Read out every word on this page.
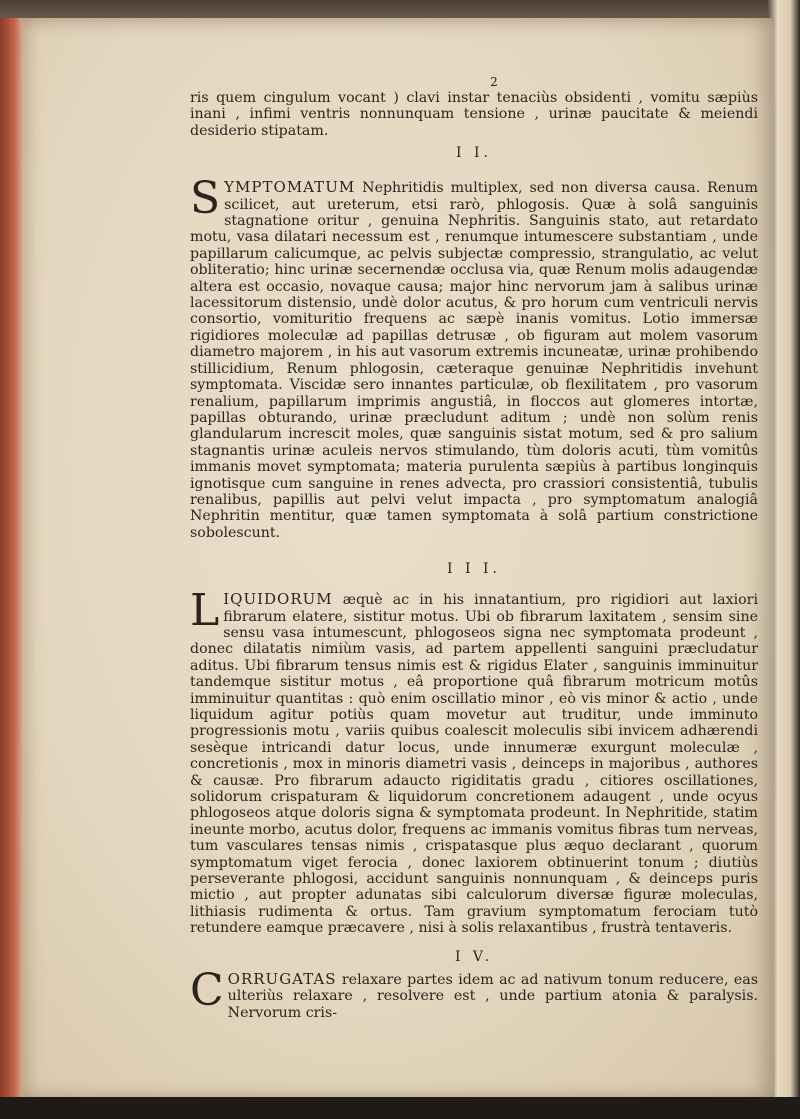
2

ris quem cingulum vocant ) clavi instar tenaciùs obsidenti , vomitu sæpiùs inani , infimi ventris nonnunquam tensione , urinæ paucitate & meiendi desiderio stipatam.

I I.

SYMPTOMATUM Nephritidis multiplex, sed non diversa causa. Renum scilicet, aut ureterum, etsi rarò, phlogosis. Quæ à solâ sanguinis stagnatione oritur , genuina Nephritis. Sanguinis stato, aut retardato motu, vasa dilatari necessum est , renumque intumescere substantiam , unde papillarum calicumque, ac pelvis subjectæ compressio, strangulatio, ac velut obliteratio; hinc urinæ secernendæ occlusa via, quæ Renum molis adaugendæ altera est occasio, novaque causa; major hinc nervorum jam à salibus urinæ lacessitorum distensio, undè dolor acutus, & pro horum cum ventriculi nervis consortio, vomituritio frequens ac sæpè inanis vomitus. Lotio immersæ rigidiores moleculæ ad papillas detrusæ , ob figuram aut molem vasorum diametro majorem , in his aut vasorum extremis incuneatæ, urinæ prohibendo stillicidium, Renum phlogosin, cæteraque genuinæ Nephritidis invehunt symptomata. Viscidæ sero innantes particulæ, ob flexilitatem , pro vasorum renalium, papillarum imprimis angustiâ, in floccos aut glomeres intortæ, papillas obturando, urinæ præcludunt aditum ; undè non solùm renis glandularum increscit moles, quæ sanguinis sistat motum, sed & pro salium stagnantis urinæ aculeis nervos stimulando, tùm doloris acuti, tùm vomitûs immanis movet symptomata; materia purulenta sæpiùs à partibus longinquis ignotisque cum sanguine in renes advecta, pro crassiori consistentiâ, tubulis renalibus, papillis aut pelvi velut impacta , pro symptomatum analogiâ Nephritin mentitur, quæ tamen symptomata à solâ partium constrictione sobolescunt.

I I I.

LIQUIDORUM æquè ac in his innatantium, pro rigidiori aut laxiori fibrarum elatere, sistitur motus. Ubi ob fibrarum laxitatem , sensim sine sensu vasa intumescunt, phlogoseos signa nec symptomata prodeunt , donec dilatatis nimiùm vasis, ad partem appellenti sanguini præcludatur aditus. Ubi fibrarum tensus nimis est & rigidus Elater , sanguinis imminuitur tandemque sistitur motus , eâ proportione quâ fibrarum motricum motûs imminuitur quantitas : quò enim oscillatio minor , eò vis minor & actio , unde liquidum agitur potiùs quam movetur aut truditur, unde imminuto progressionis motu , variis quibus coalescit moleculis sibi invicem adhærendi sesèque intricandi datur locus, unde innumeræ exurgunt moleculæ , concretionis , mox in minoris diametri vasis , deinceps in majoribus , authores & causæ. Pro fibrarum adaucto rigiditatis gradu , citiores oscillationes, solidorum crispaturam & liquidorum concretionem adaugent , unde ocyus phlogoseos atque doloris signa & symptomata prodeunt. In Nephritide, statim ineunte morbo, acutus dolor, frequens ac immanis vomitus fibras tum nerveas, tum vasculares tensas nimis , crispatasque plus æquo declarant , quorum symptomatum viget ferocia , donec laxiorem obtinuerint tonum ; diutiùs perseverante phlogosi, accidunt sanguinis nonnunquam , & deinceps puris mictio , aut propter adunatas sibi calculorum diversæ figuræ moleculas, lithiasis rudimenta & ortus. Tam gravium symptomatum ferociam tutò retundere eamque præcavere , nisi à solis relaxantibus , frustrà tentaveris.

I V.

CORRUGATAS relaxare partes idem ac ad nativum tonum reducere, eas ulteriùs relaxare , resolvere est , unde partium atonia & paralysis. Nervorum cris-
